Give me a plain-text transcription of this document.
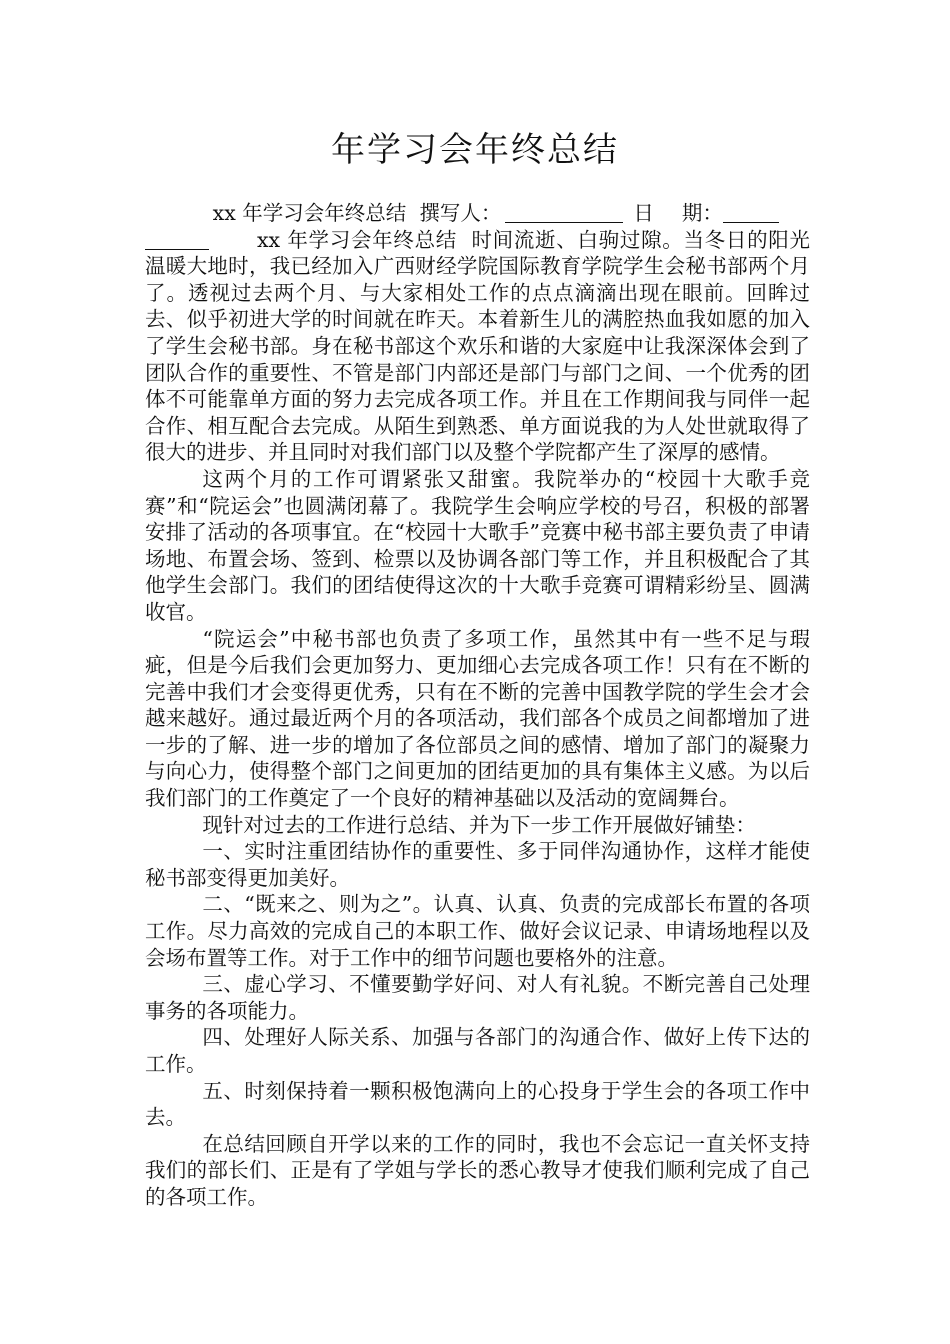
年学习会年终总结

xx 年学习会年终总结 撰写人：	日 期：

xx 年学习会年终总结 时间流逝、白驹过隙。当冬日的阳光温暖大地时，我已经加入广西财经学院国际教育学院学生会秘书部两个月了。透视过去两个月、与大家相处工作的点点滴滴出现在眼前。回眸过去、似乎初进大学的时间就在昨天。本着新生儿的满腔热血我如愿的加入了学生会秘书部。身在秘书部这个欢乐和谐的大家庭中让我深深体会到了团队合作的重要性、不管是部门内部还是部门与部门之间、一个优秀的团体不可能靠单方面的努力去完成各项工作。并且在工作期间我与同伴一起合作、相互配合去完成。从陌生到熟悉、单方面说我的为人处世就取得了很大的进步、并且同时对我们部门以及整个学院都产生了深厚的感情。

这两个月的工作可谓紧张又甜蜜。我院举办的“校园十大歌手竞赛”和“院运会”也圆满闭幕了。我院学生会响应学校的号召，积极的部署安排了活动的各项事宜。在“校园十大歌手”竞赛中秘书部主要负责了申请场地、布置会场、签到、检票以及协调各部门等工作，并且积极配合了其他学生会部门。我们的团结使得这次的十大歌手竞赛可谓精彩纷呈、圆满收官。

“院运会”中秘书部也负责了多项工作，虽然其中有一些不足与瑕疵，但是今后我们会更加努力、更加细心去完成各项工作！只有在不断的完善中我们才会变得更优秀，只有在不断的完善中国教学院的学生会才会越来越好。通过最近两个月的各项活动，我们部各个成员之间都增加了进一步的了解、进一步的增加了各位部员之间的感情、增加了部门的凝聚力与向心力，使得整个部门之间更加的团结更加的具有集体主义感。为以后我们部门的工作奠定了一个良好的精神基础以及活动的宽阔舞台。

现针对过去的工作进行总结、并为下一步工作开展做好铺垫：

一、实时注重团结协作的重要性、多于同伴沟通协作，这样才能使秘书部变得更加美好。

二、“既来之、则为之”。认真、认真、负责的完成部长布置的各项工作。尽力高效的完成自己的本职工作、做好会议记录、申请场地程以及会场布置等工作。对于工作中的细节问题也要格外的注意。

三、虚心学习、不懂要勤学好问、对人有礼貌。不断完善自己处理事务的各项能力。

四、处理好人际关系、加强与各部门的沟通合作、做好上传下达的工作。

五、时刻保持着一颗积极饱满向上的心投身于学生会的各项工作中去。

在总结回顾自开学以来的工作的同时，我也不会忘记一直关怀支持我们的部长们、正是有了学姐与学长的悉心教导才使我们顺利完成了自己的各项工作。
